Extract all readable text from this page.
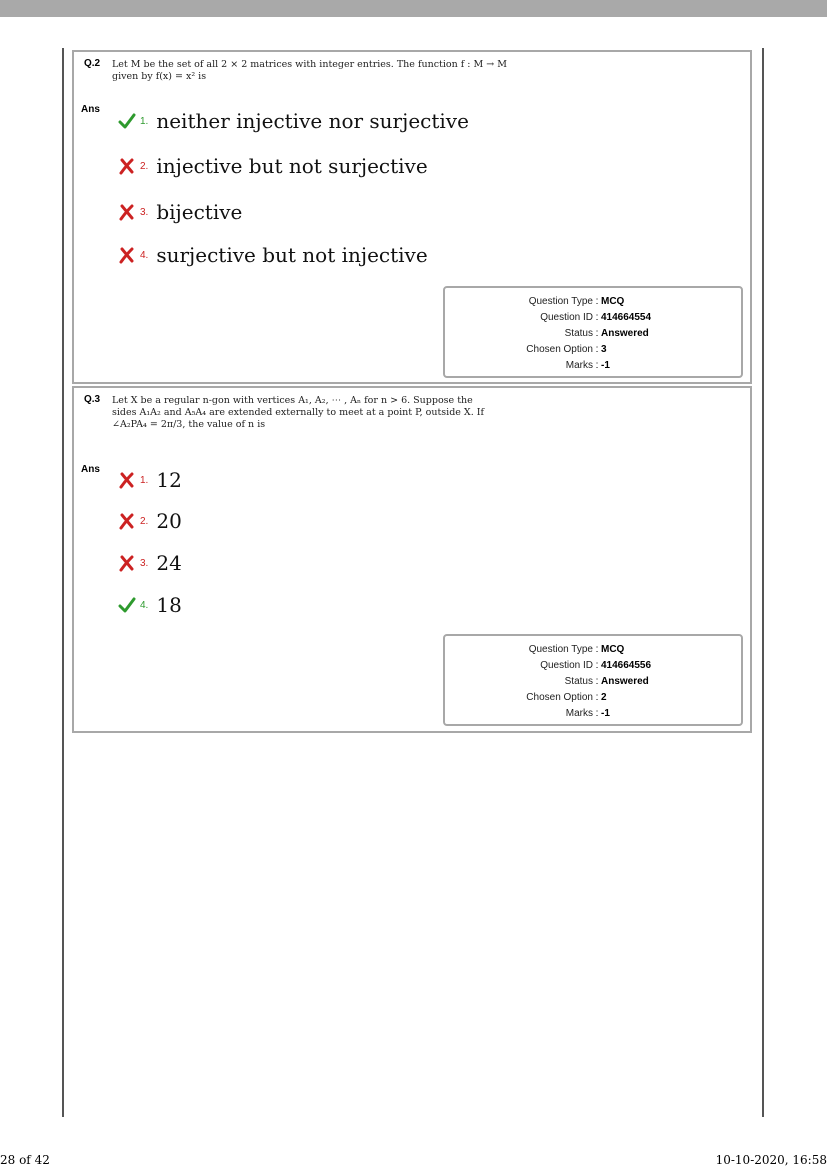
Q.2 Let M be the set of all 2 × 2 matrices with integer entries. The function f : M → M
given by f(x) = x² is
Ans
1. neither injective nor surjective
2. injective but not surjective
3. bijective
4. surjective but not injective
Question Type : MCQ
Question ID : 414664554
Status : Answered
Chosen Option : 3
Marks : -1
Q.3 Let X be a regular n-gon with vertices A₁, A₂, ⋯ , Aₙ for n > 6. Suppose the
sides A₁A₂ and A₅A₄ are extended externally to meet at a point P, outside X. If
∠A₂PA₄ = 2π/3, the value of n is
Ans
1. 12
2. 20
3. 24
4. 18
Question Type : MCQ
Question ID : 414664556
Status : Answered
Chosen Option : 2
Marks : -1
28 of 42	10-10-2020, 16:58
